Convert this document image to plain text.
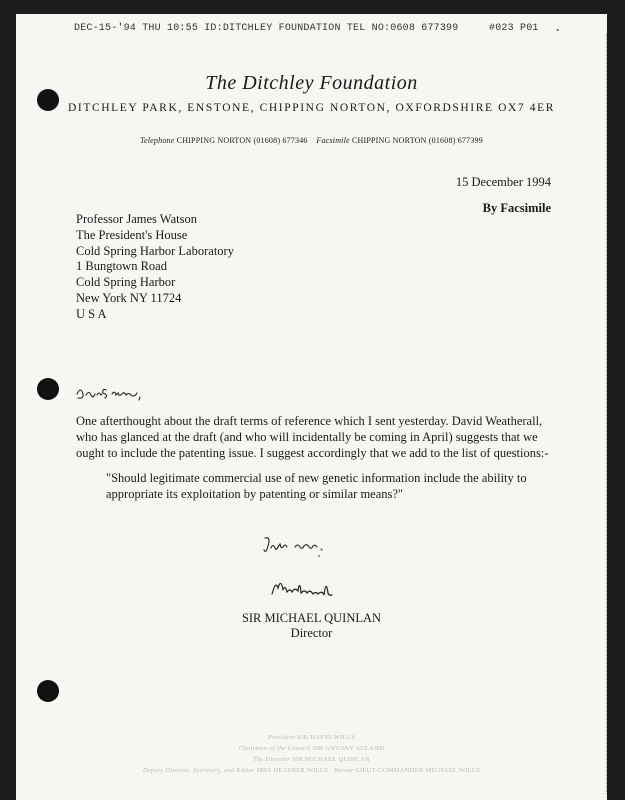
DEC-15-'94 THU 10:55 ID:DITCHLEY FOUNDATION TEL NO:0608 677399	#023 P01 •
The Ditchley Foundation
DITCHLEY PARK, ENSTONE, CHIPPING NORTON, OXFORDSHIRE OX7 4ER
Telephone CHIPPING NORTON (01608) 677346 Facsimile CHIPPING NORTON (01608) 677399
15 December 1994
By Facsimile
Professor James Watson
The President's House
Cold Spring Harbor Laboratory
1 Bungtown Road
Cold Spring Harbor
New York NY 11724
U S A
One afterthought about the draft terms of reference which I sent yesterday. David Weatherall, who has glanced at the draft (and who will incidentally be coming in April) suggests that we ought to include the patenting issue. I suggest accordingly that we add to the list of questions:-
"Should legitimate commercial use of new genetic information include the ability to appropriate its exploitation by patenting or similar means?"
SIR MICHAEL QUINLAN
Director
President SIR DAVID WILLS
Chairman of the Council SIR ANTONY ACLAND
The Director SIR MICHAEL QUINLAN
Deputy Director, Secretary, and Editor MRS HEATHER WILLS Bursar LIEUT-COMMANDER MICHAEL WILLS
